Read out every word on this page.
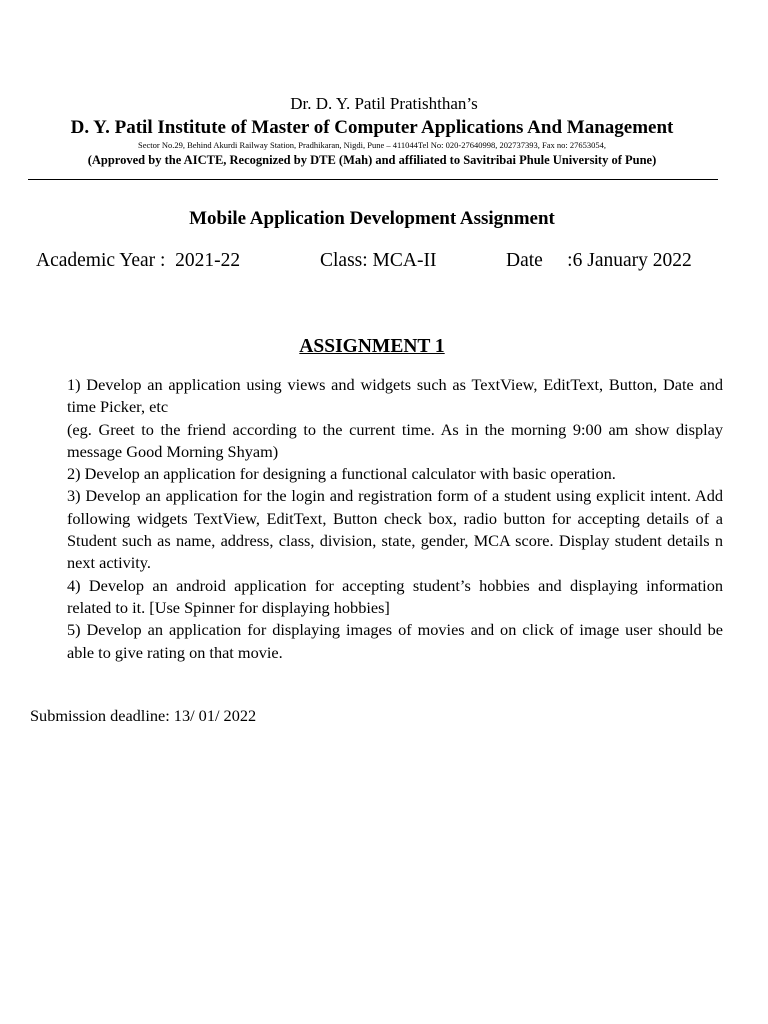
Dr. D. Y. Patil Pratishthan’s
D. Y. Patil Institute of Master of Computer Applications And Management
Sector No.29, Behind Akurdi Railway Station, Pradhikaran, Nigdi, Pune – 411044Tel No: 020-27640998, 202737393, Fax no: 27653054,
(Approved by the AICTE, Recognized by DTE (Mah) and affiliated to Savitribai Phule University of Pune)
Mobile Application Development Assignment
Academic Year :  2021-22	Class: MCA-II	Date     :6 January 2022
ASSIGNMENT 1

1) Develop an application using views and widgets such as TextView, EditText, Button, Date and time Picker, etc

(eg. Greet to the friend according to the current time. As in the morning 9:00 am show display message Good Morning Shyam)

2) Develop an application for designing a functional calculator with basic operation.

3) Develop an application for the login and registration form of a student using explicit intent. Add following widgets TextView, EditText, Button check box, radio button for accepting details of a Student such as name, address, class, division, state, gender, MCA score. Display student details n next activity.

4) Develop an android application for accepting student’s hobbies and displaying information related to it. [Use Spinner for displaying hobbies]

5) Develop an application for displaying images of movies and on click of image user should be able to give rating on that movie.

Submission deadline: 13/ 01/ 2022
